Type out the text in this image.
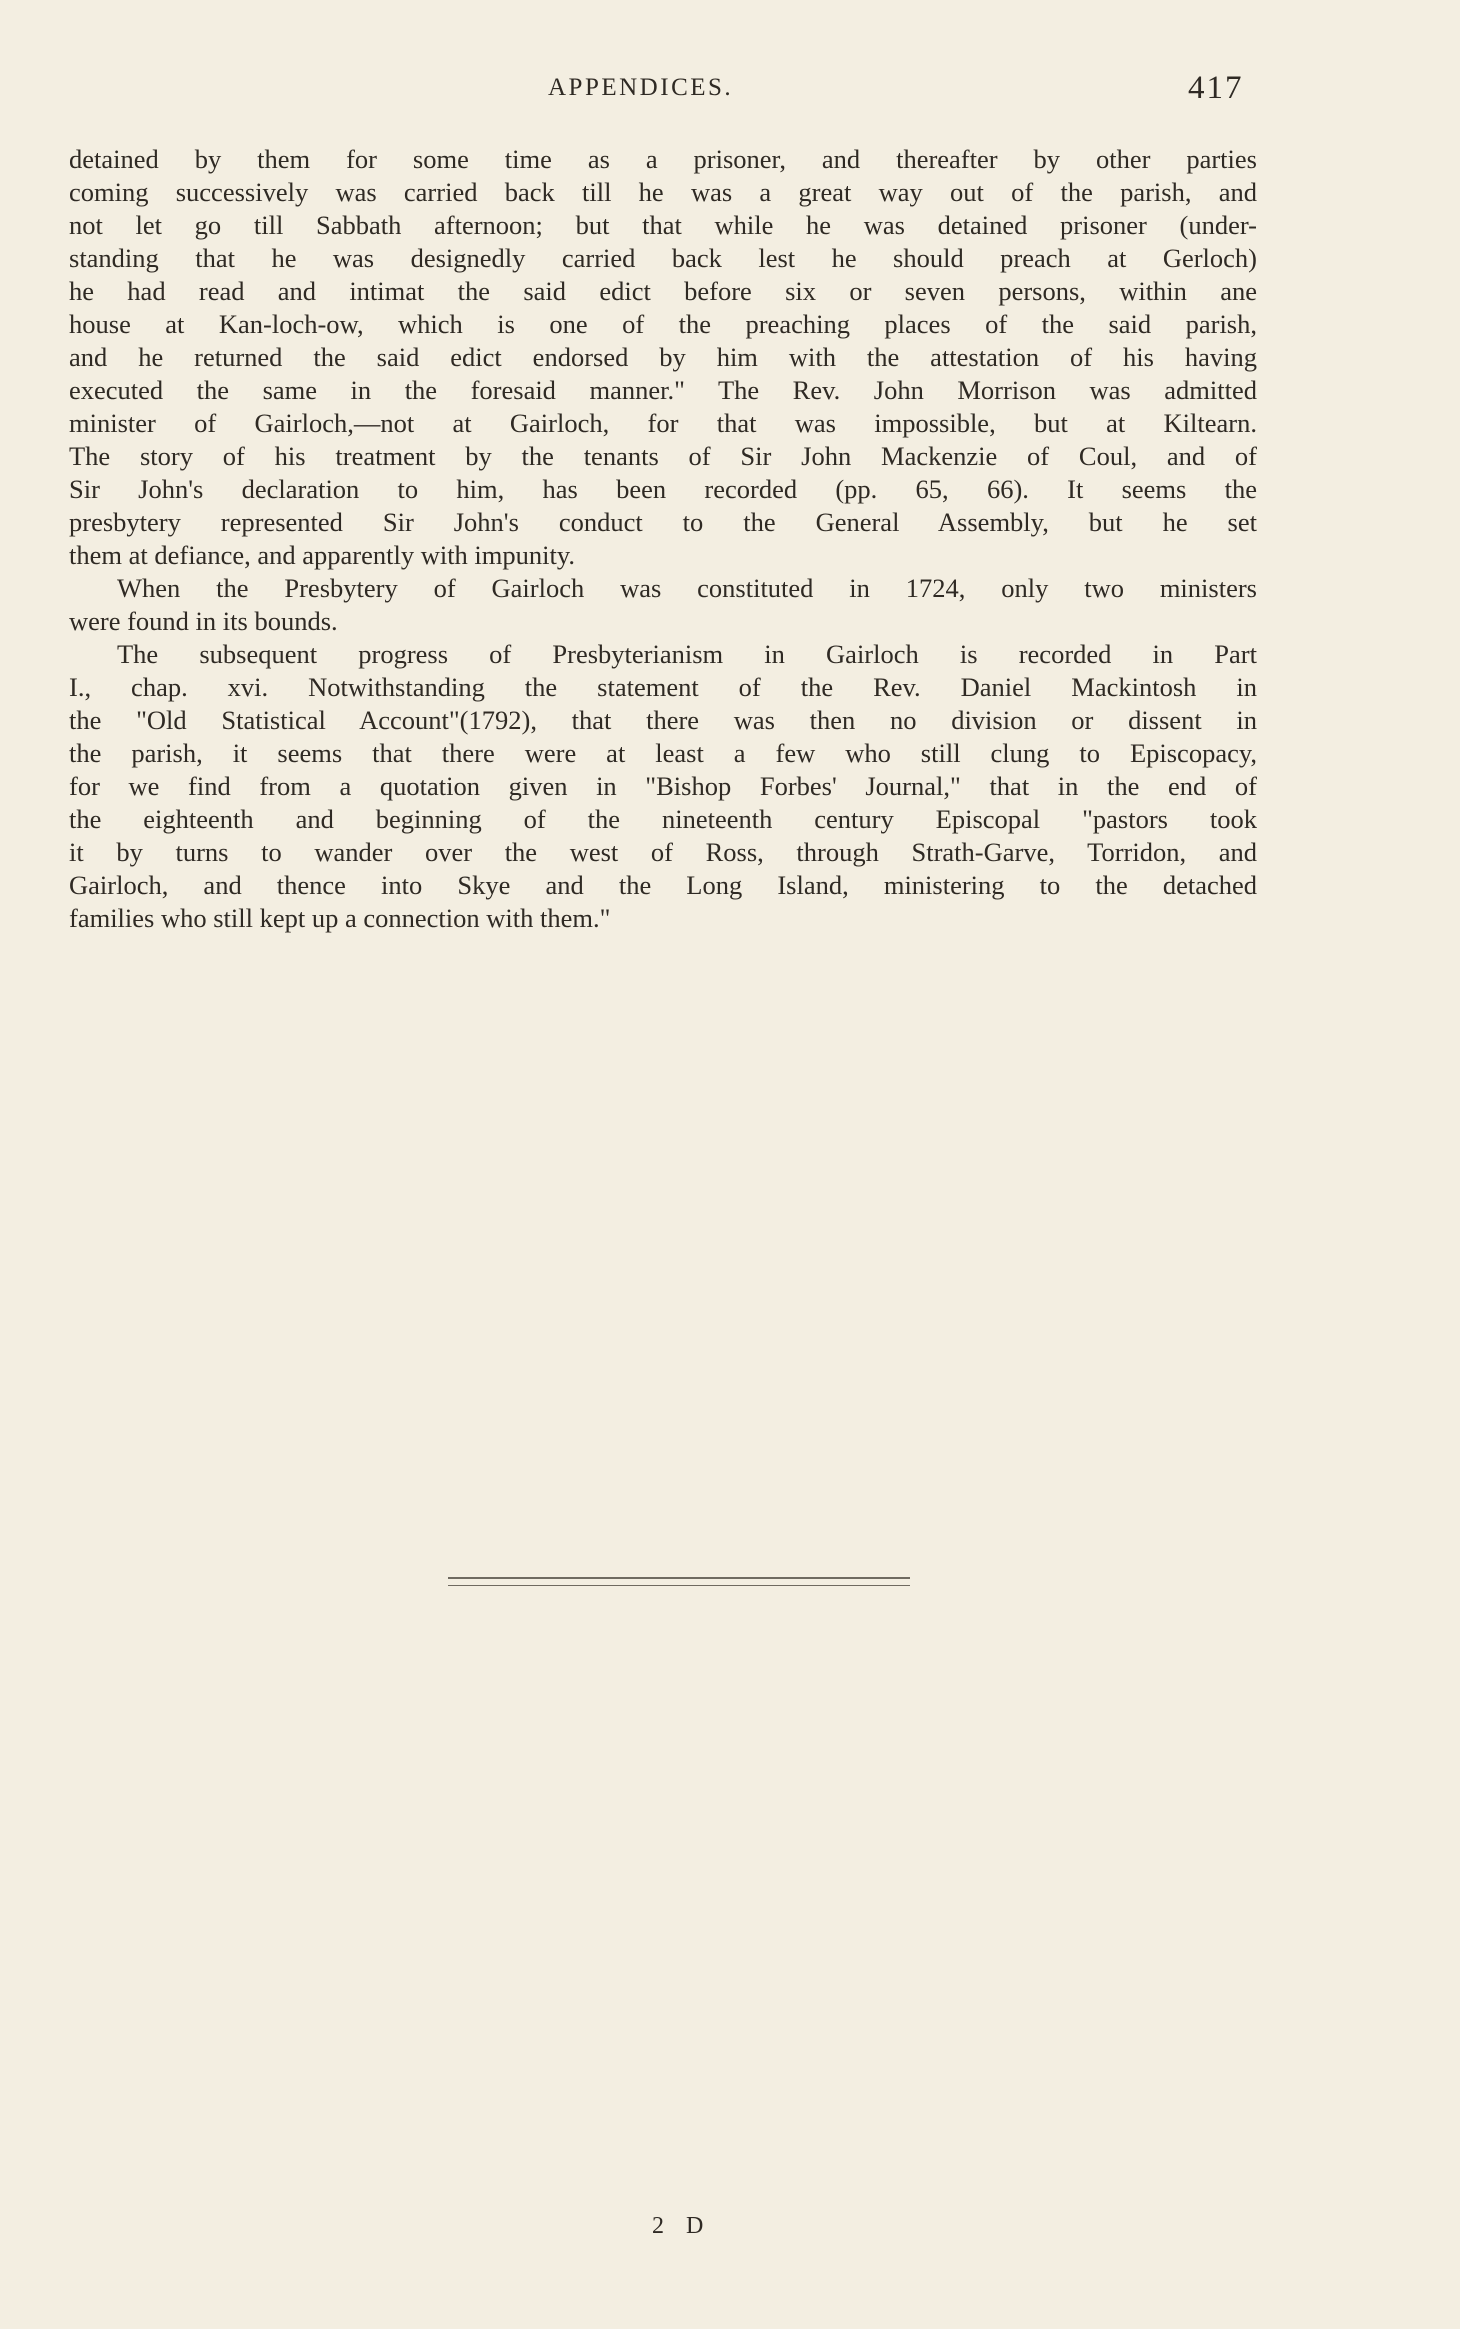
APPENDICES.	417
detained by them for some time as a prisoner, and thereafter by other parties
coming successively was carried back till he was a great way out of the parish, and
not let go till Sabbath afternoon; but that while he was detained prisoner (under-
standing that he was designedly carried back lest he should preach at Gerloch)
he had read and intimat the said edict before six or seven persons, within ane
house at Kan-loch-ow, which is one of the preaching places of the said parish,
and he returned the said edict endorsed by him with the attestation of his having
executed the same in the foresaid manner." The Rev. John Morrison was admitted
minister of Gairloch,—not at Gairloch, for that was impossible, but at Kiltearn.
The story of his treatment by the tenants of Sir John Mackenzie of Coul, and of
Sir John's declaration to him, has been recorded (pp. 65, 66). It seems the
presbytery represented Sir John's conduct to the General Assembly, but he set
them at defiance, and apparently with impunity.
When the Presbytery of Gairloch was constituted in 1724, only two ministers
were found in its bounds.
The subsequent progress of Presbyterianism in Gairloch is recorded in Part
I., chap. xvi. Notwithstanding the statement of the Rev. Daniel Mackintosh in
the "Old Statistical Account"(1792), that there was then no division or dissent in
the parish, it seems that there were at least a few who still clung to Episcopacy,
for we find from a quotation given in "Bishop Forbes' Journal," that in the end of
the eighteenth and beginning of the nineteenth century Episcopal "pastors took
it by turns to wander over the west of Ross, through Strath-Garve, Torridon, and
Gairloch, and thence into Skye and the Long Island, ministering to the detached
families who still kept up a connection with them."
2 D
